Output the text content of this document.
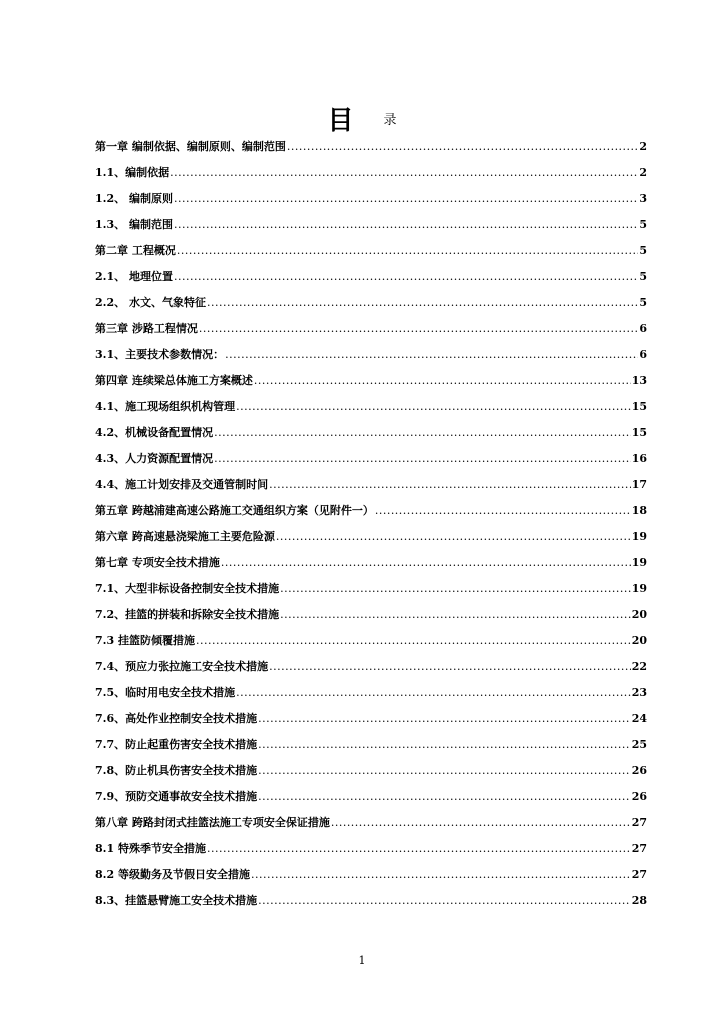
目 录
第一章 编制依据、编制原则、编制范围 .....	2
1.1、编制依据 .....	2
1.2、 编制原则 .....	3
1.3、 编制范围 .....	5
第二章 工程概况 .....	5
2.1、 地理位置 .....	5
2.2、 水文、气象特征 .....	5
第三章 涉路工程情况 .....	6
3.1、主要技术参数情况： .....	6
第四章 连续梁总体施工方案概述 .....	13
4.1、施工现场组织机构管理 .....	15
4.2、机械设备配置情况 .....	15
4.3、人力资源配置情况 .....	16
4.4、施工计划安排及交通管制时间 .....	17
第五章 跨越浦建高速公路施工交通组织方案（见附件一） .....	18
第六章 跨高速悬浇梁施工主要危险源 .....	19
第七章 专项安全技术措施 .....	19
7.1、大型非标设备控制安全技术措施 .....	19
7.2、挂篮的拼装和拆除安全技术措施 .....	20
7.3 挂篮防倾覆措施 .....	20
7.4、预应力张拉施工安全技术措施 .....	22
7.5、临时用电安全技术措施 .....	23
7.6、高处作业控制安全技术措施 .....	24
7.7、防止起重伤害安全技术措施 .....	25
7.8、防止机具伤害安全技术措施 .....	26
7.9、预防交通事故安全技术措施 .....	26
第八章 跨路封闭式挂篮法施工专项安全保证措施 .....	27
8.1 特殊季节安全措施 .....	27
8.2 等级勤务及节假日安全措施 .....	27
8.3、挂篮悬臂施工安全技术措施 .....	28
1
